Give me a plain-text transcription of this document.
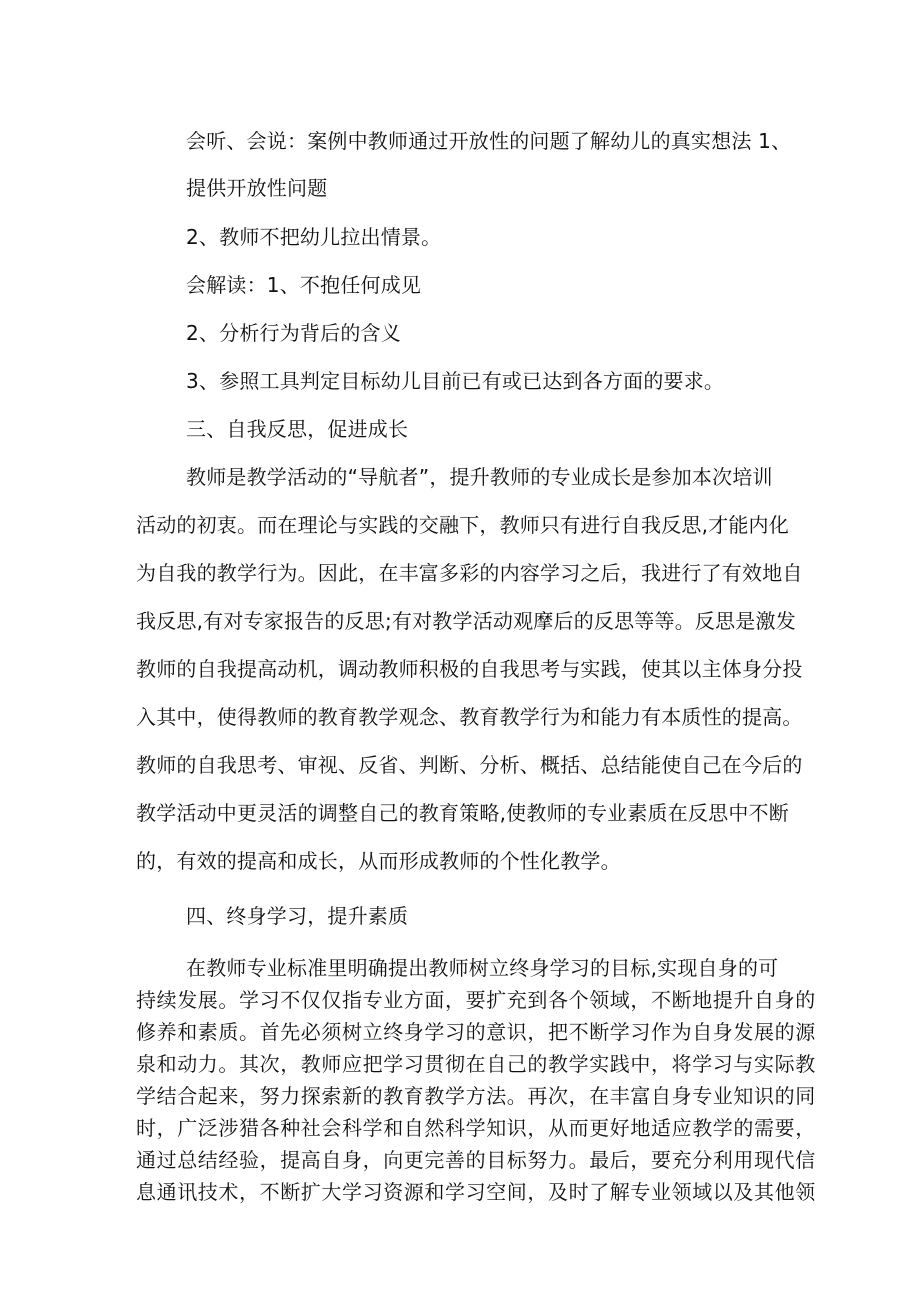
会听、会说：案例中教师通过开放性的问题了解幼儿的真实想法 1、
提供开放性问题
2、教师不把幼儿拉出情景。
会解读：1、不抱任何成见
2、分析行为背后的含义
3、参照工具判定目标幼儿目前已有或已达到各方面的要求。
三、自我反思，促进成长
教师是教学活动的“导航者”，提升教师的专业成长是参加本次培训
活动的初衷。而在理论与实践的交融下，教师只有进行自我反思,才能内化
为自我的教学行为。因此，在丰富多彩的内容学习之后，我进行了有效地自
我反思,有对专家报告的反思;有对教学活动观摩后的反思等等。反思是激发
教师的自我提高动机，调动教师积极的自我思考与实践，使其以主体身分投
入其中，使得教师的教育教学观念、教育教学行为和能力有本质性的提高。
教师的自我思考、审视、反省、判断、分析、概括、总结能使自己在今后的
教学活动中更灵活的调整自己的教育策略,使教师的专业素质在反思中不断
的，有效的提高和成长，从而形成教师的个性化教学。
四、终身学习，提升素质
在教师专业标准里明确提出教师树立终身学习的目标,实现自身的可
持续发展。学习不仅仅指专业方面，要扩充到各个领域，不断地提升自身的
修养和素质。首先必须树立终身学习的意识，把不断学习作为自身发展的源
泉和动力。其次，教师应把学习贯彻在自己的教学实践中，将学习与实际教
学结合起来，努力探索新的教育教学方法。再次，在丰富自身专业知识的同
时，广泛涉猎各种社会科学和自然科学知识，从而更好地适应教学的需要，
通过总结经验，提高自身，向更完善的目标努力。最后，要充分利用现代信
息通讯技术，不断扩大学习资源和学习空间，及时了解专业领域以及其他领
